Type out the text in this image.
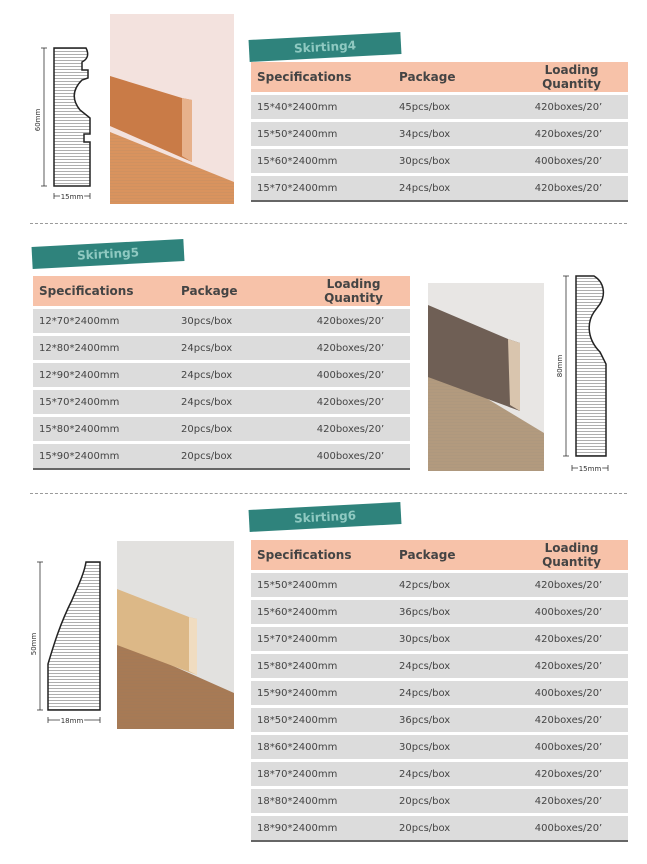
60mm
15mm
Skirting4
Specifications	Package	Loading Quantity
15*40*2400mm	45pcs/box	420boxes/20’
15*50*2400mm	34pcs/box	420boxes/20’
15*60*2400mm	30pcs/box	400boxes/20’
15*70*2400mm	24pcs/box	420boxes/20’
Skirting5
Specifications	Package	Loading Quantity
12*70*2400mm	30pcs/box	420boxes/20’
12*80*2400mm	24pcs/box	420boxes/20’
12*90*2400mm	24pcs/box	400boxes/20’
15*70*2400mm	24pcs/box	420boxes/20’
15*80*2400mm	20pcs/box	420boxes/20’
15*90*2400mm	20pcs/box	400boxes/20’
80mm
15mm
50mm
18mm
Skirting6
Specifications	Package	Loading Quantity
15*50*2400mm	42pcs/box	420boxes/20’
15*60*2400mm	36pcs/box	400boxes/20’
15*70*2400mm	30pcs/box	420boxes/20’
15*80*2400mm	24pcs/box	420boxes/20’
15*90*2400mm	24pcs/box	400boxes/20’
18*50*2400mm	36pcs/box	420boxes/20’
18*60*2400mm	30pcs/box	400boxes/20’
18*70*2400mm	24pcs/box	420boxes/20’
18*80*2400mm	20pcs/box	420boxes/20’
18*90*2400mm	20pcs/box	400boxes/20’
